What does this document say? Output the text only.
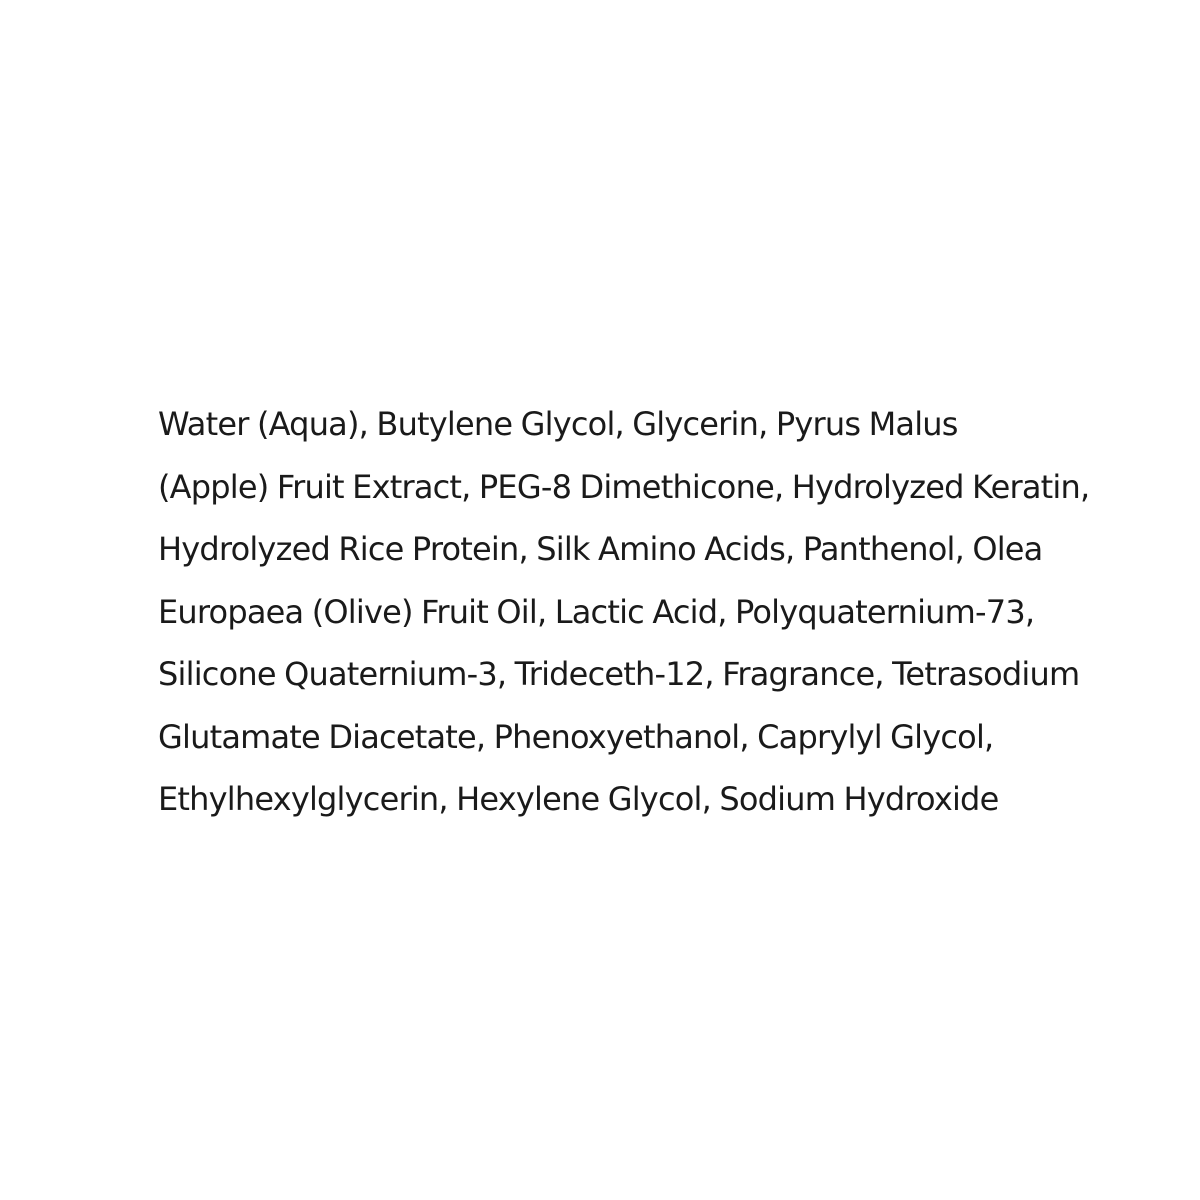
Water (Aqua), Butylene Glycol, Glycerin, Pyrus Malus
(Apple) Fruit Extract, PEG-8 Dimethicone, Hydrolyzed Keratin,
Hydrolyzed Rice Protein, Silk Amino Acids, Panthenol, Olea
Europaea (Olive) Fruit Oil, Lactic Acid, Polyquaternium-73,
Silicone Quaternium-3, Trideceth-12, Fragrance, Tetrasodium
Glutamate Diacetate, Phenoxyethanol, Caprylyl Glycol,
Ethylhexylglycerin, Hexylene Glycol, Sodium Hydroxide
